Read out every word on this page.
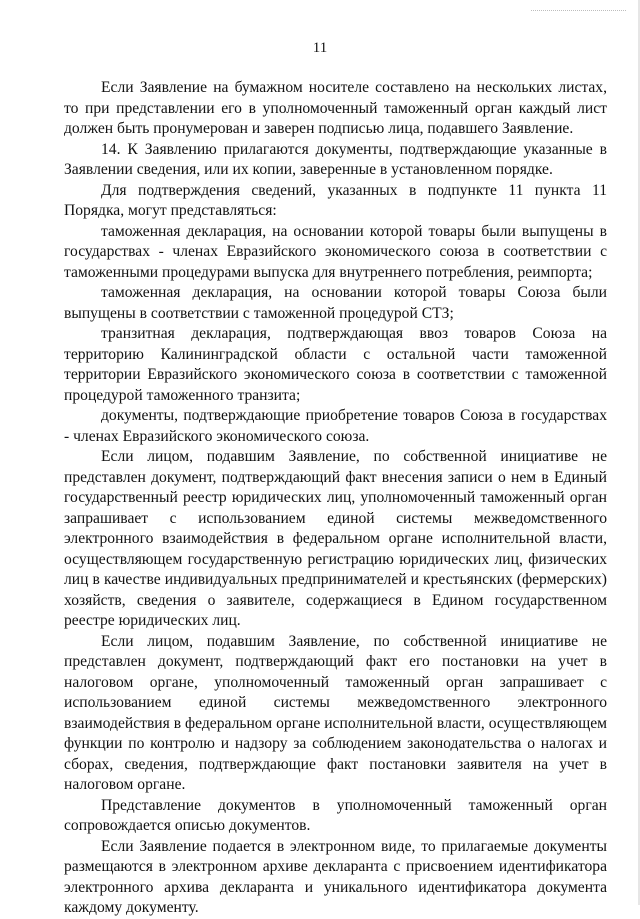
11

Если Заявление на бумажном носителе составлено на нескольких листах, то при представлении его в уполномоченный таможенный орган каждый лист должен быть пронумерован и заверен подписью лица, подавшего Заявление.

14. К Заявлению прилагаются документы, подтверждающие указанные в Заявлении сведения, или их копии, заверенные в установленном порядке.

Для подтверждения сведений, указанных в подпункте 11 пункта 11 Порядка, могут представляться:

таможенная декларация, на основании которой товары были выпущены в государствах - членах Евразийского экономического союза в соответствии с таможенными процедурами выпуска для внутреннего потребления, реимпорта;

таможенная декларация, на основании которой товары Союза были выпущены в соответствии с таможенной процедурой СТЗ;

транзитная декларация, подтверждающая ввоз товаров Союза на территорию Калининградской области с остальной части таможенной территории Евразийского экономического союза в соответствии с таможенной процедурой таможенного транзита;

документы, подтверждающие приобретение товаров Союза в государствах - членах Евразийского экономического союза.

Если лицом, подавшим Заявление, по собственной инициативе не представлен документ, подтверждающий факт внесения записи о нем в Единый государственный реестр юридических лиц, уполномоченный таможенный орган запрашивает с использованием единой системы межведомственного электронного взаимодействия в федеральном органе исполнительной власти, осуществляющем государственную регистрацию юридических лиц, физических лиц в качестве индивидуальных предпринимателей и крестьянских (фермерских) хозяйств, сведения о заявителе, содержащиеся в Едином государственном реестре юридических лиц.

Если лицом, подавшим Заявление, по собственной инициативе не представлен документ, подтверждающий факт его постановки на учет в налоговом органе, уполномоченный таможенный орган запрашивает с использованием единой системы межведомственного электронного взаимодействия в федеральном органе исполнительной власти, осуществляющем функции по контролю и надзору за соблюдением законодательства о налогах и сборах, сведения, подтверждающие факт постановки заявителя на учет в налоговом органе.

Представление документов в уполномоченный таможенный орган сопровождается описью документов.

Если Заявление подается в электронном виде, то прилагаемые документы размещаются в электронном архиве декларанта с присвоением идентификатора электронного архива декларанта и уникального идентификатора документа каждому документу.
